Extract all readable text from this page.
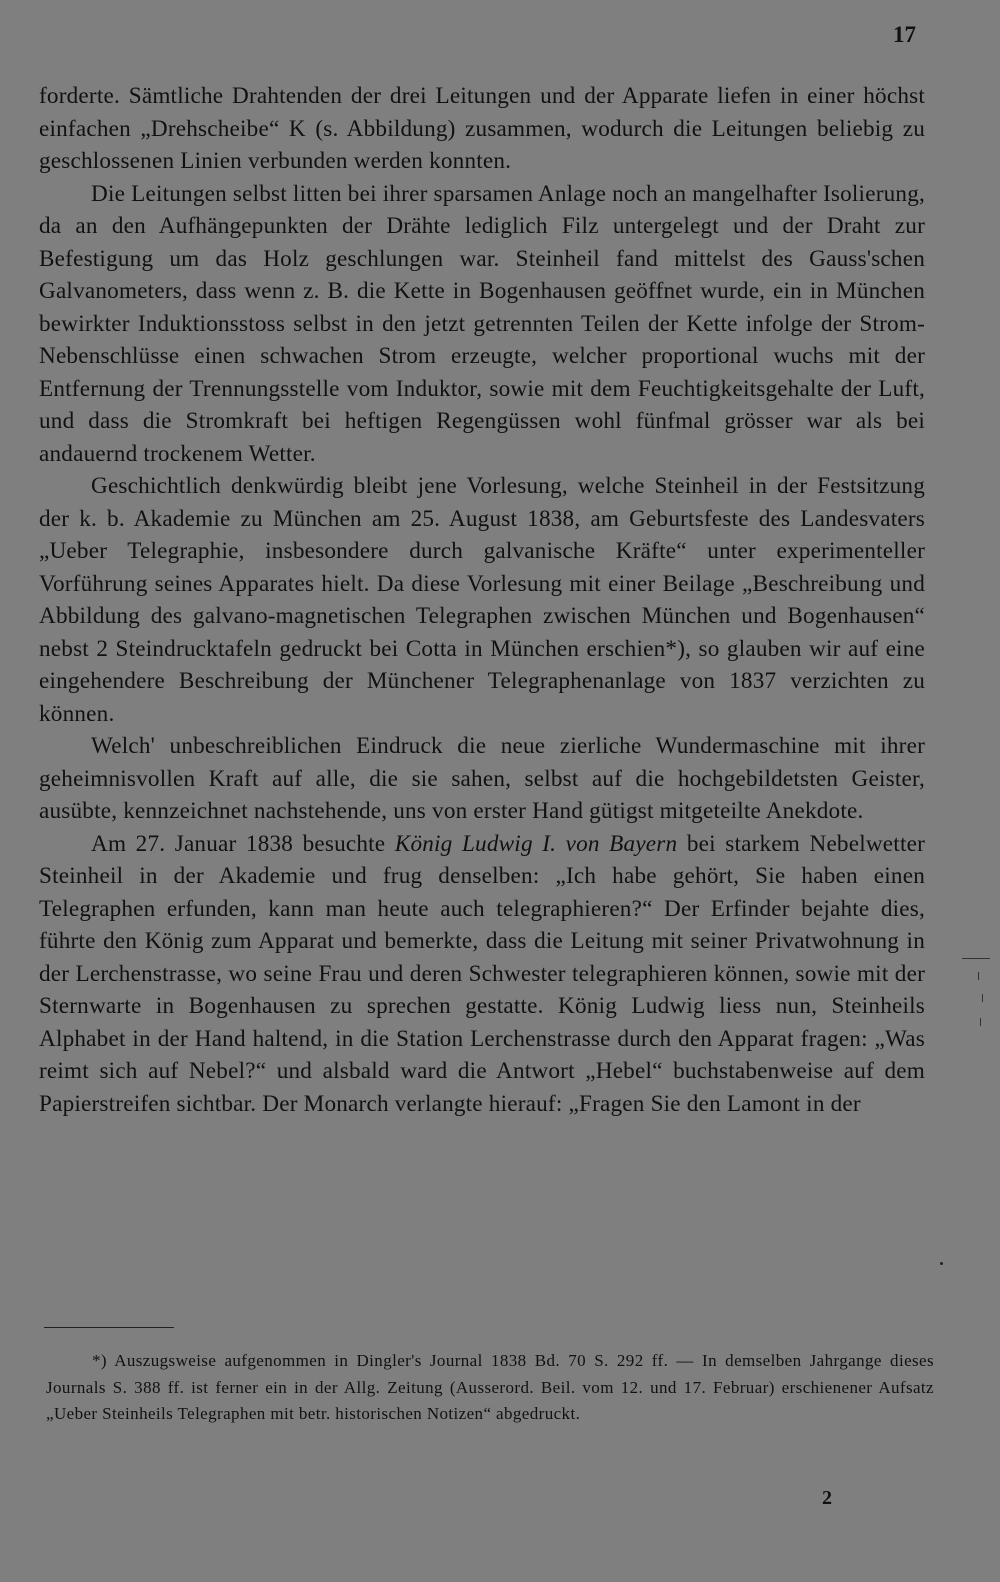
17

forderte. Sämtliche Drahtenden der drei Leitungen und der Apparate liefen in einer höchst einfachen „Drehscheibe“ K (s. Abbildung) zusammen, wodurch die Leitungen beliebig zu geschlossenen Linien verbunden werden konnten.

Die Leitungen selbst litten bei ihrer sparsamen Anlage noch an mangelhafter Isolierung, da an den Aufhängepunkten der Drähte lediglich Filz untergelegt und der Draht zur Befestigung um das Holz geschlungen war. Steinheil fand mittelst des Gauss'schen Galvanometers, dass wenn z. B. die Kette in Bogenhausen geöffnet wurde, ein in München bewirkter Induktionsstoss selbst in den jetzt getrennten Teilen der Kette infolge der Strom-Nebenschlüsse einen schwachen Strom erzeugte, welcher proportional wuchs mit der Entfernung der Trennungsstelle vom Induktor, sowie mit dem Feuchtigkeitsgehalte der Luft, und dass die Stromkraft bei heftigen Regengüssen wohl fünfmal grösser war als bei andauernd trockenem Wetter.

Geschichtlich denkwürdig bleibt jene Vorlesung, welche Steinheil in der Festsitzung der k. b. Akademie zu München am 25. August 1838, am Geburtsfeste des Landesvaters „Ueber Telegraphie, insbesondere durch galvanische Kräfte“ unter experimenteller Vorführung seines Apparates hielt. Da diese Vorlesung mit einer Beilage „Beschreibung und Abbildung des galvano-magnetischen Telegraphen zwischen München und Bogenhausen“ nebst 2 Steindrucktafeln gedruckt bei Cotta in München erschien*), so glauben wir auf eine eingehendere Beschreibung der Münchener Telegraphenanlage von 1837 verzichten zu können.

Welch' unbeschreiblichen Eindruck die neue zierliche Wundermaschine mit ihrer geheimnisvollen Kraft auf alle, die sie sahen, selbst auf die hochgebildetsten Geister, ausübte, kennzeichnet nachstehende, uns von erster Hand gütigst mitgeteilte Anekdote.

Am 27. Januar 1838 besuchte König Ludwig I. von Bayern bei starkem Nebelwetter Steinheil in der Akademie und frug denselben: „Ich habe gehört, Sie haben einen Telegraphen erfunden, kann man heute auch telegraphieren?“ Der Erfinder bejahte dies, führte den König zum Apparat und bemerkte, dass die Leitung mit seiner Privatwohnung in der Lerchenstrasse, wo seine Frau und deren Schwester telegraphieren können, sowie mit der Sternwarte in Bogenhausen zu sprechen gestatte. König Ludwig liess nun, Steinheils Alphabet in der Hand haltend, in die Station Lerchenstrasse durch den Apparat fragen: „Was reimt sich auf Nebel?“ und alsbald ward die Antwort „Hebel“ buchstabenweise auf dem Papierstreifen sichtbar. Der Monarch verlangte hierauf: „Fragen Sie den Lamont in der

*) Auszugsweise aufgenommen in Dingler's Journal 1838 Bd. 70 S. 292 ff. — In demselben Jahrgange dieses Journals S. 388 ff. ist ferner ein in der Allg. Zeitung (Ausserord. Beil. vom 12. und 17. Februar) erschienener Aufsatz „Ueber Steinheils Telegraphen mit betr. historischen Notizen“ abgedruckt.

2
